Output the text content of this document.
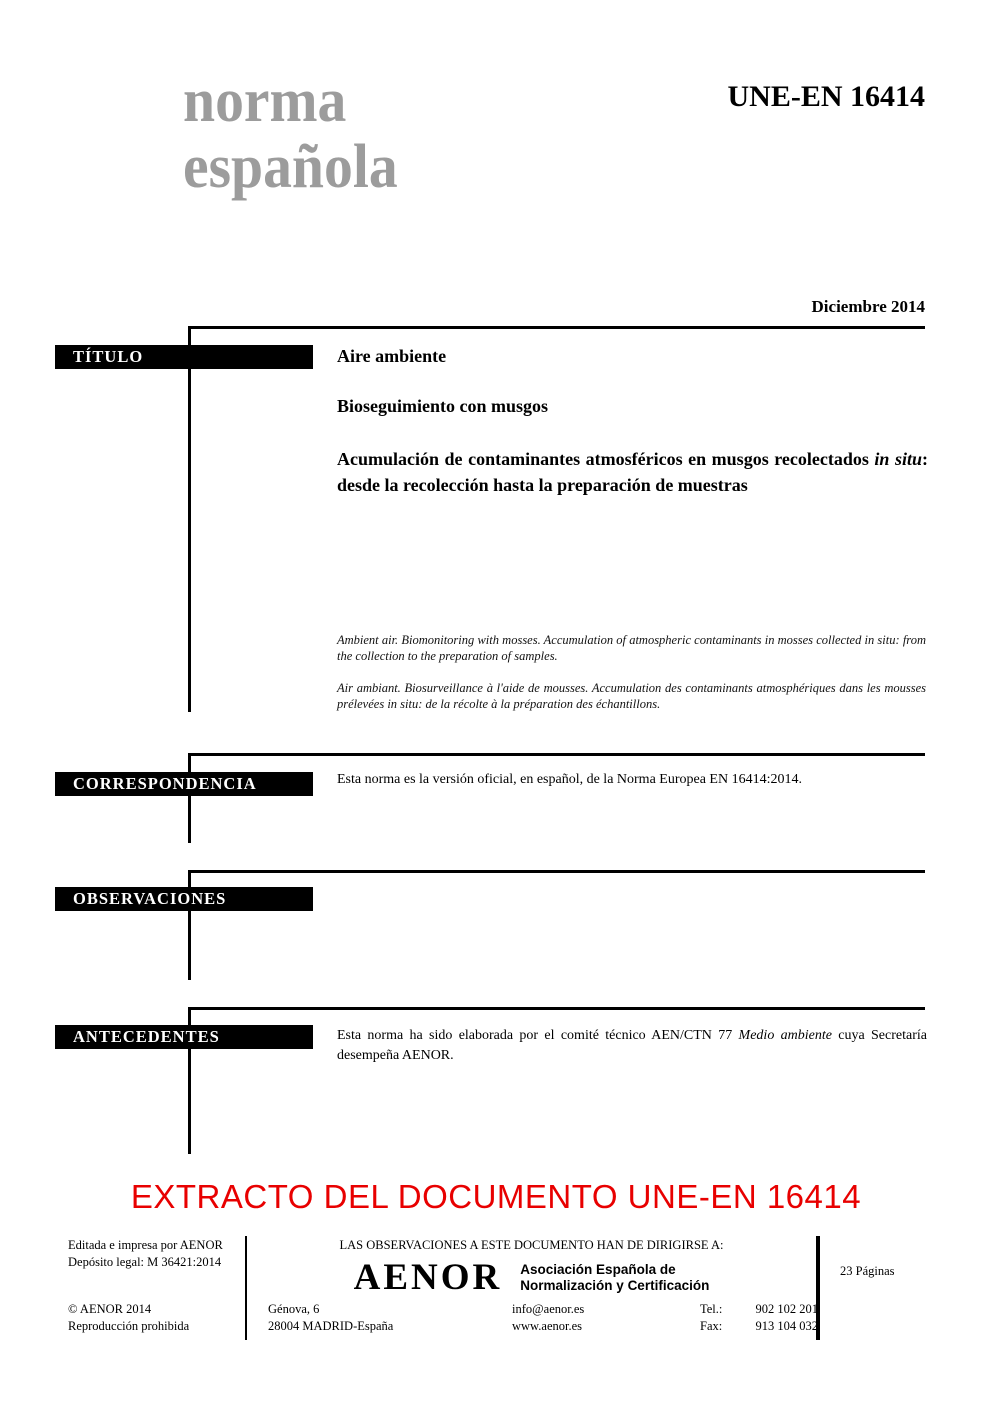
norma
española
UNE-EN 16414
Diciembre 2014
TÍTULO	Aire ambiente
Bioseguimiento con musgos
Acumulación de contaminantes atmosféricos en musgos recolectados in situ: desde la recolección hasta la preparación de muestras
Ambient air. Biomonitoring with mosses. Accumulation of atmospheric contaminants in mosses collected in situ: from the collection to the preparation of samples.
Air ambiant. Biosurveillance à l'aide de mousses. Accumulation des contaminants atmosphériques dans les mousses prélevées in situ: de la récolte à la préparation des échantillons.
CORRESPONDENCIA	Esta norma es la versión oficial, en español, de la Norma Europea EN 16414:2014.
OBSERVACIONES
ANTECEDENTES	Esta norma ha sido elaborada por el comité técnico AEN/CTN 77 Medio ambiente cuya Secretaría desempeña AENOR.
EXTRACTO DEL DOCUMENTO UNE-EN 16414
Editada e impresa por AENOR
Depósito legal: M 36421:2014
© AENOR 2014
Reproducción prohibida
LAS OBSERVACIONES A ESTE DOCUMENTO HAN DE DIRIGIRSE A:
AENOR Asociación Española de
Normalización y Certificación
Génova, 6
28004 MADRID-España
info@aenor.es
www.aenor.es
Tel.:	902 102 201
Fax:	913 104 032
23 Páginas
